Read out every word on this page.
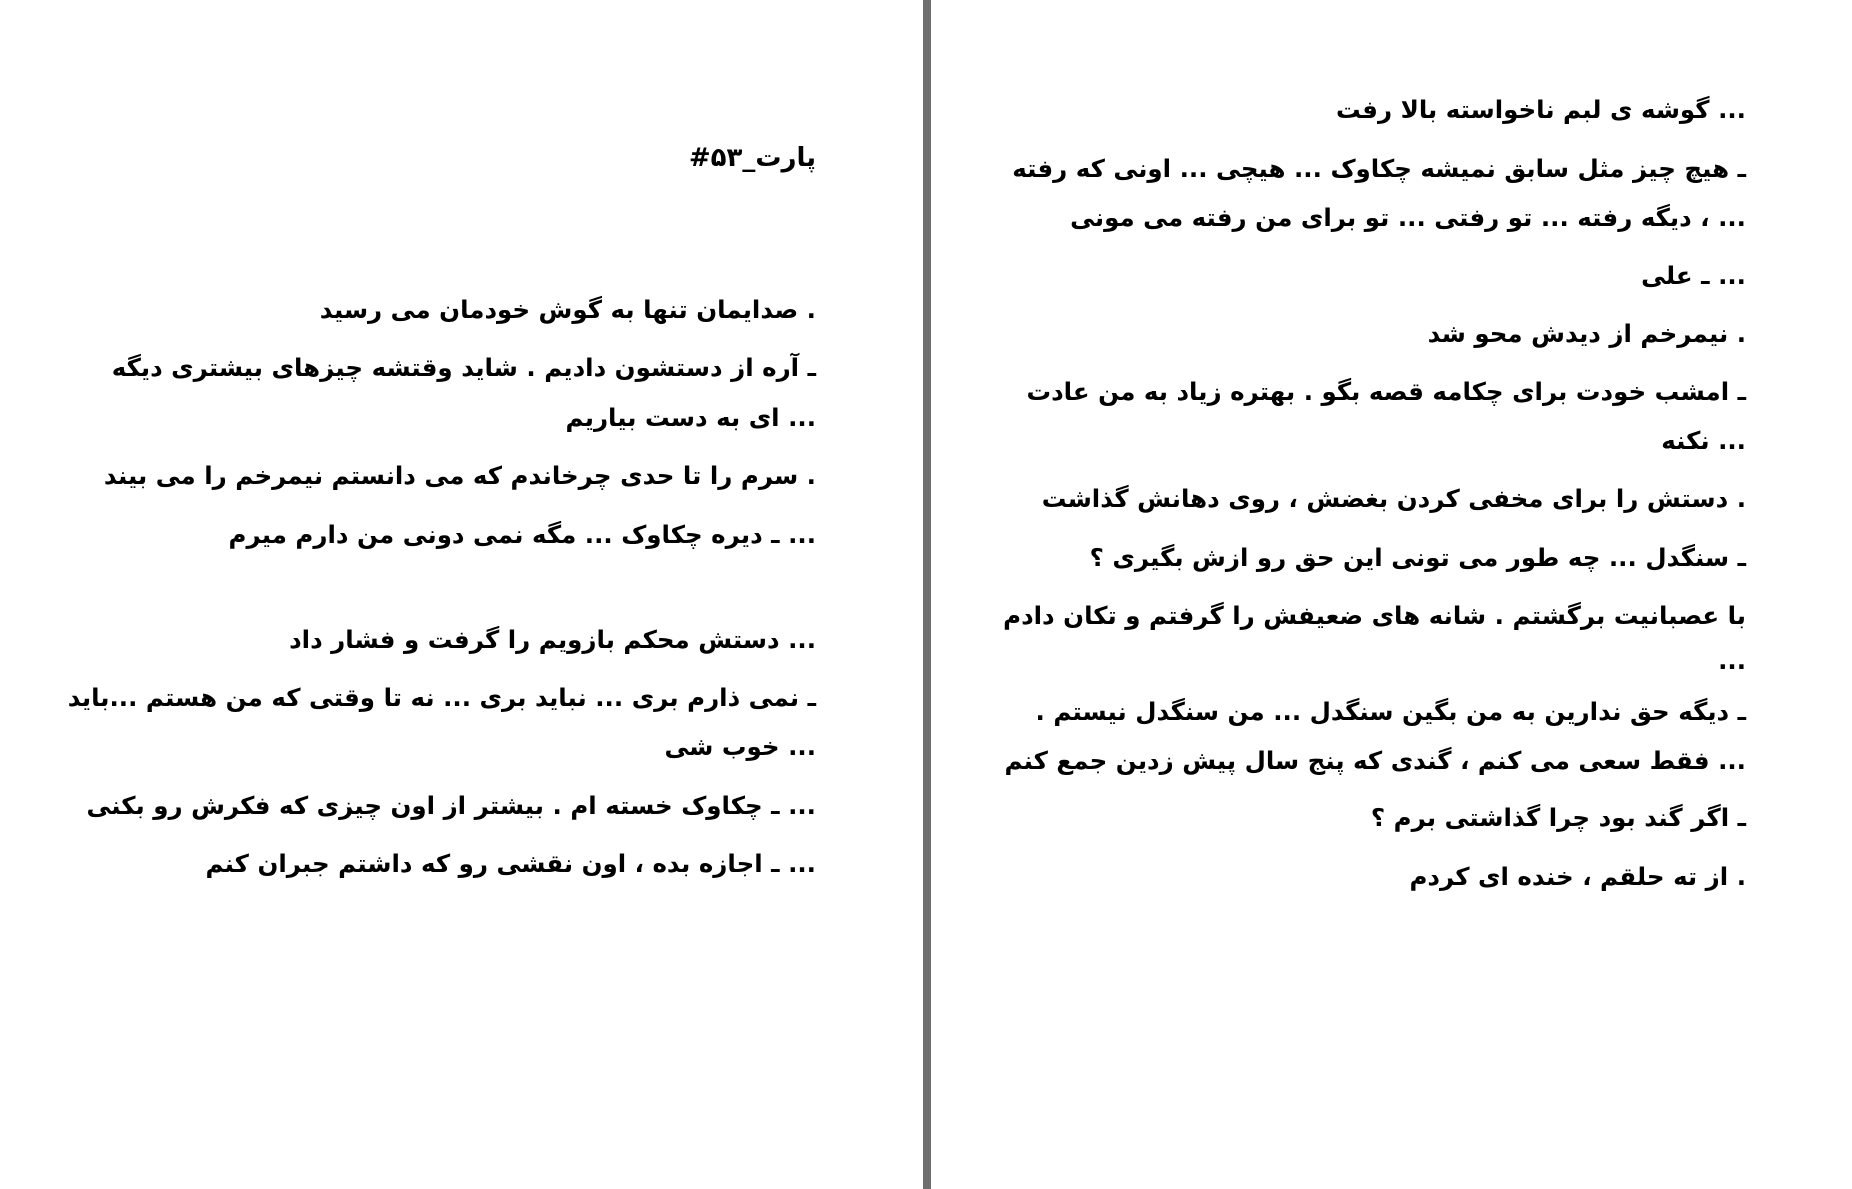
پارت_۵۳#
. صدایمان تنها به گوش خودمان می رسید
ـ آره از دستشون دادیم . شاید وقتشه چیزهای بیشتری دیگه
... ای به دست بیاریم
. سرم را تا حدی چرخاندم که می دانستم نیمرخم را می بیند
... ـ دیره چکاوک ... مگه نمی دونی من دارم میرم
... دستش محکم بازویم را گرفت و فشار داد
ـ نمی ذارم بری ... نباید بری ... نه تا وقتی که من هستم ...باید
... خوب شی
... ـ چکاوک خسته ام . بیشتر از اون چیزی که فکرش رو بکنی
... ـ اجازه بده ، اون نقشی رو که داشتم جبران کنم
... گوشه ی لبم ناخواسته بالا رفت
ـ هیچ چیز مثل سابق نمیشه چکاوک ... هیچی ... اونی که رفته
... ، دیگه رفته ... تو رفتی ... تو برای من رفته می مونی
... ـ علی
. نیمرخم از دیدش محو شد
ـ امشب خودت برای چکامه قصه بگو . بهتره زیاد به من عادت
... نکنه
. دستش را برای مخفی کردن بغضش ، روی دهانش گذاشت
ـ سنگدل ... چه طور می تونی این حق رو ازش بگیری ؟
با عصبانیت برگشتم . شانه های ضعیفش را گرفتم و تکان دادم
...
ـ دیگه حق ندارین به من بگین سنگدل ... من سنگدل نیستم .
... فقط سعی می کنم ، گندی که پنج سال پیش زدین جمع کنم
ـ اگر گند بود چرا گذاشتی برم ؟
. از ته حلقم ، خنده ای کردم
